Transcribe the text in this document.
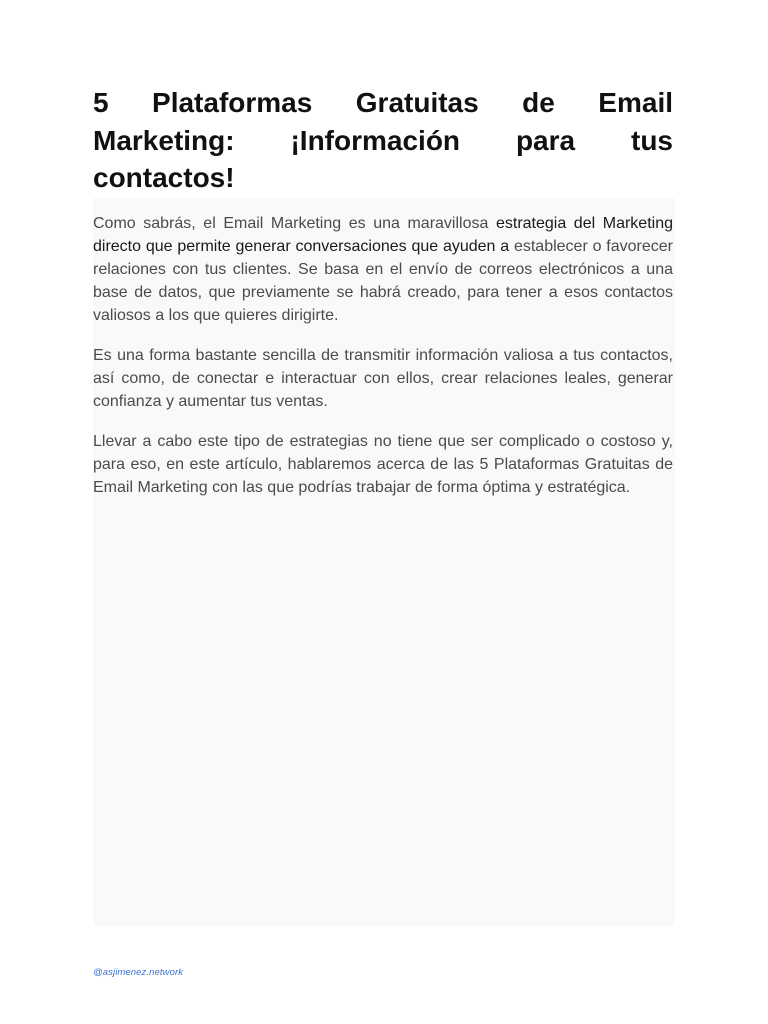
5 Plataformas Gratuitas de Email Marketing: ¡Información para tus contactos!

Como sabrás, el Email Marketing es una maravillosa estrategia del Marketing directo que permite generar conversaciones que ayuden a establecer o favorecer relaciones con tus clientes. Se basa en el envío de correos electrónicos a una base de datos, que previamente se habrá creado, para tener a esos contactos valiosos a los que quieres dirigirte.

Es una forma bastante sencilla de transmitir información valiosa a tus contactos, así como, de conectar e interactuar con ellos, crear relaciones leales, generar confianza y aumentar tus ventas.

Llevar a cabo este tipo de estrategias no tiene que ser complicado o costoso y, para eso, en este artículo, hablaremos acerca de las 5 Plataformas Gratuitas de Email Marketing con las que podrías trabajar de forma óptima y estratégica.

@asjimenez.network
